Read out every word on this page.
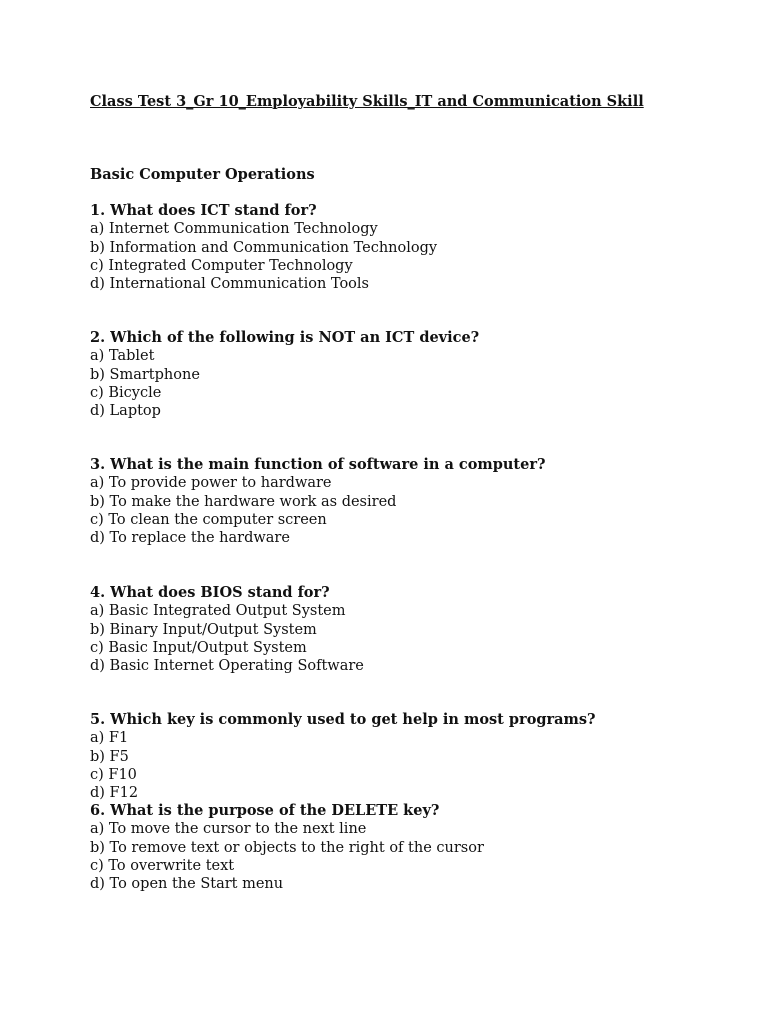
Class Test 3_Gr 10_Employability Skills_IT and Communication Skill
Basic Computer Operations
1. What does ICT stand for?
a) Internet Communication Technology
b) Information and Communication Technology
c) Integrated Computer Technology
d) International Communication Tools
2. Which of the following is NOT an ICT device?
a) Tablet
b) Smartphone
c) Bicycle
d) Laptop
3. What is the main function of software in a computer?
a) To provide power to hardware
b) To make the hardware work as desired
c) To clean the computer screen
d) To replace the hardware
4. What does BIOS stand for?
a) Basic Integrated Output System
b) Binary Input/Output System
c) Basic Input/Output System
d) Basic Internet Operating Software
5. Which key is commonly used to get help in most programs?
a) F1
b) F5
c) F10
d) F12
6. What is the purpose of the DELETE key?
a) To move the cursor to the next line
b) To remove text or objects to the right of the cursor
c) To overwrite text
d) To open the Start menu
